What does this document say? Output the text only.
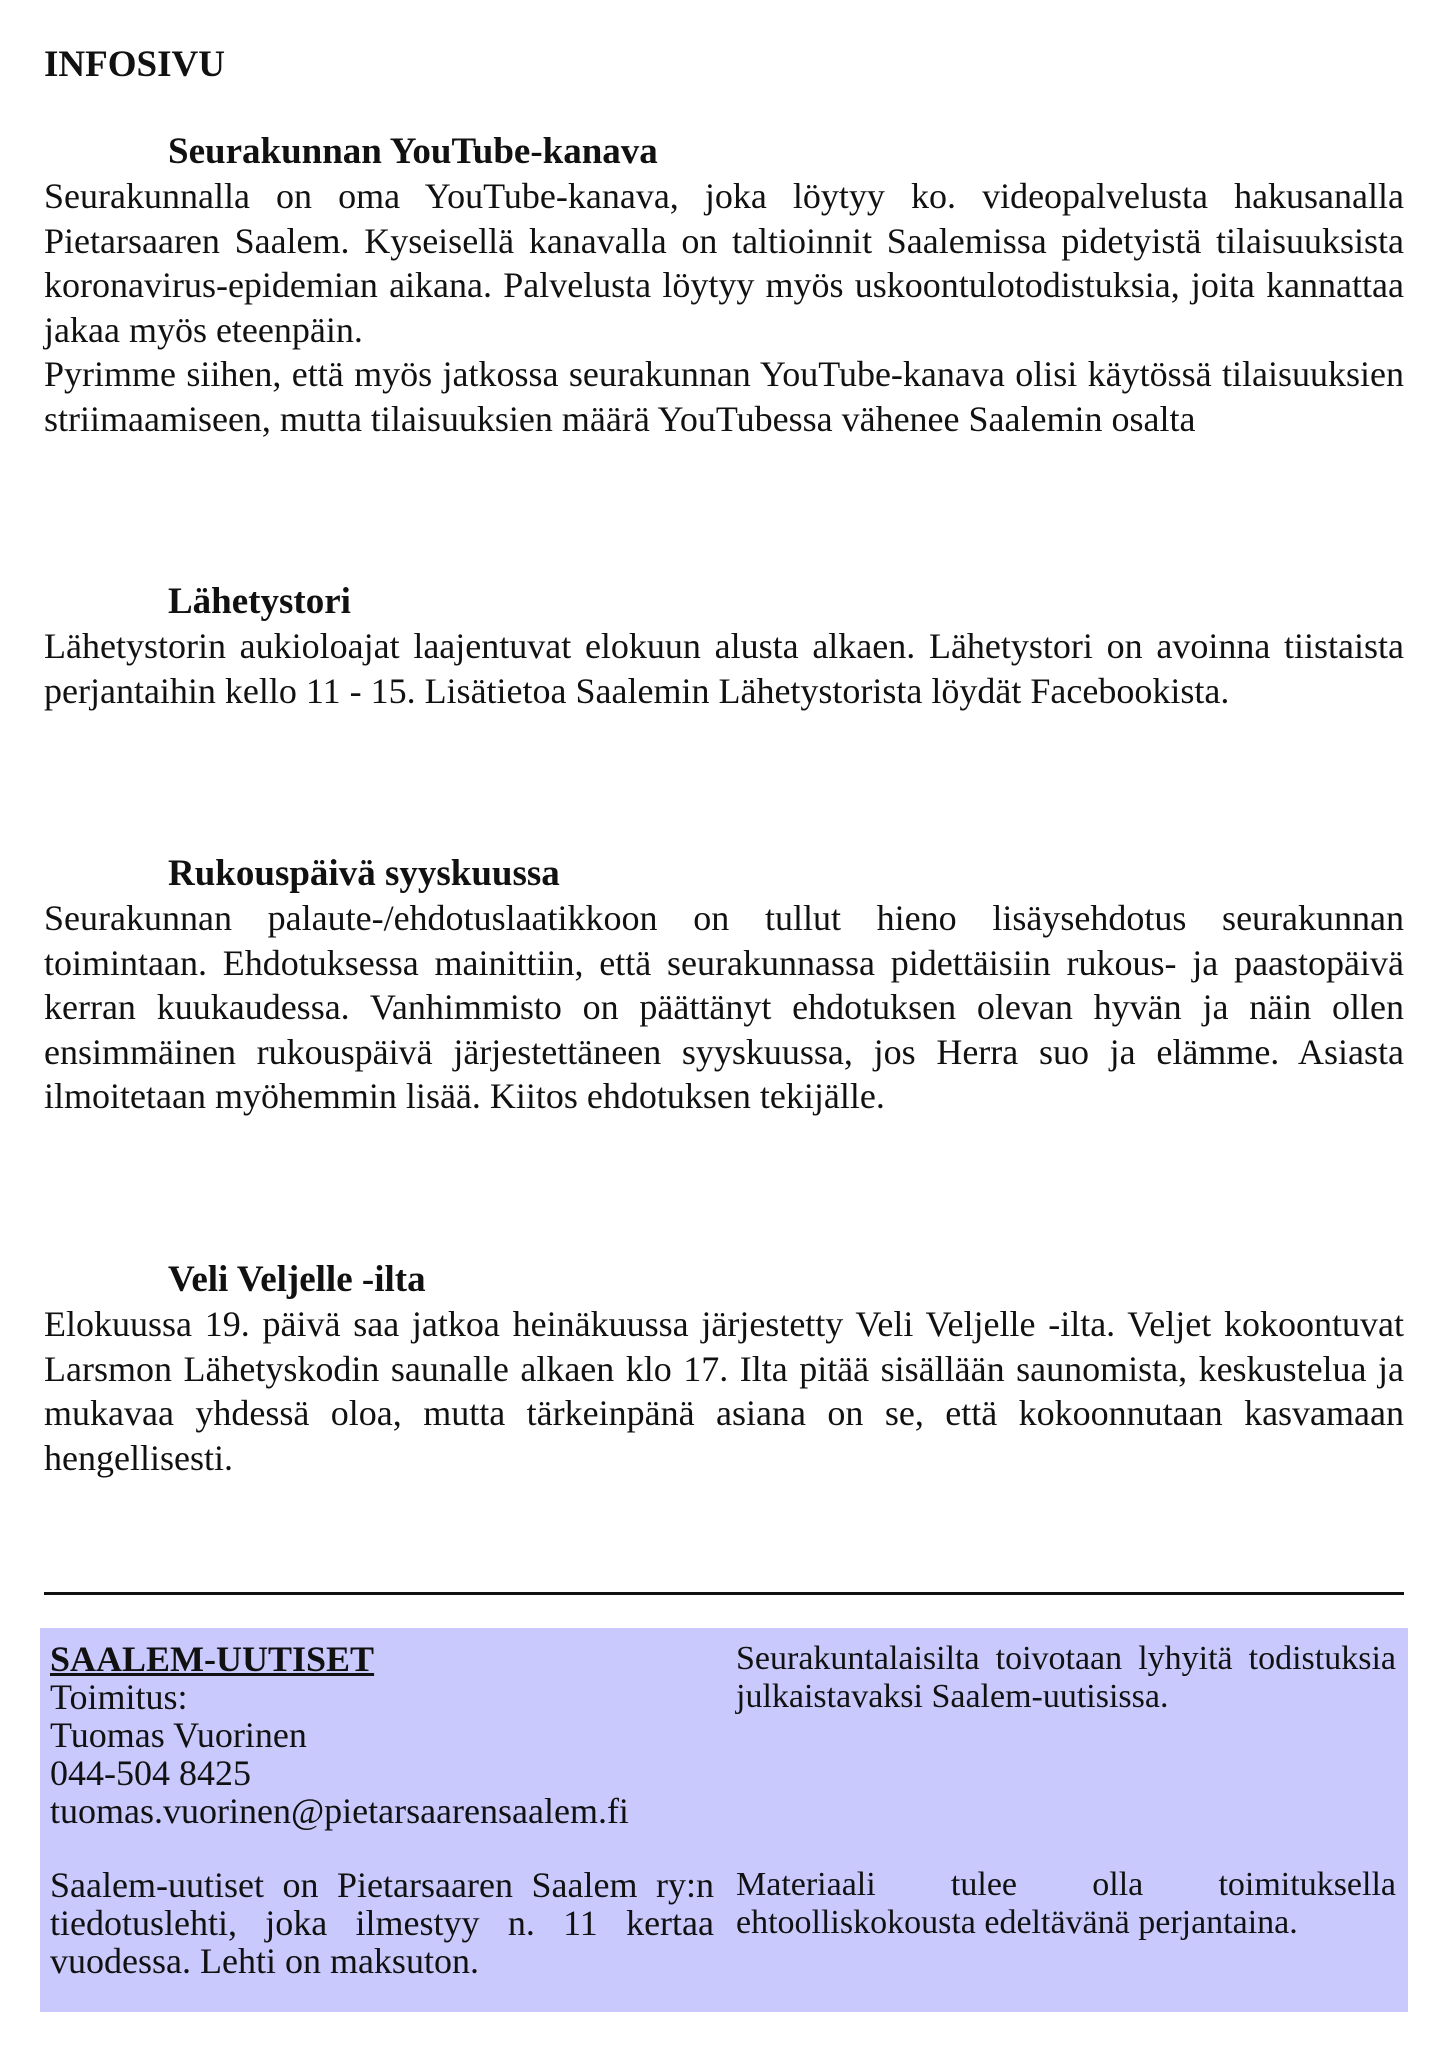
INFOSIVU
Seurakunnan YouTube-kanava

Seurakunnalla on oma YouTube-kanava, joka löytyy ko. videopalvelusta hakusanalla Pietarsaaren Saalem. Kyseisellä kanavalla on taltioinnit Saalemissa pidetyistä tilaisuuksista koronavirus-epidemian aikana. Palvelusta löytyy myös uskoontulotodistuksia, joita kannattaa jakaa myös eteenpäin.

Pyrimme siihen, että myös jatkossa seurakunnan YouTube-kanava olisi käytössä tilaisuuksien striimaamiseen, mutta tilaisuuksien määrä YouTubessa vähenee Saalemin osalta

Lähetystori

Lähetystorin aukioloajat laajentuvat elokuun alusta alkaen. Lähetystori on avoinna tiistaista perjantaihin kello 11 - 15. Lisätietoa Saalemin Lähetystorista löydät Facebookista.

Rukouspäivä syyskuussa

Seurakunnan palaute-/ehdotuslaatikkoon on tullut hieno lisäysehdotus seurakunnan toimintaan. Ehdotuksessa mainittiin, että seurakunnassa pidettäisiin rukous- ja paastopäivä kerran kuukaudessa. Vanhimmisto on päättänyt ehdotuksen olevan hyvän ja näin ollen ensimmäinen rukouspäivä järjestettäneen syyskuussa, jos Herra suo ja elämme. Asiasta ilmoitetaan myöhemmin lisää. Kiitos ehdotuksen tekijälle.

Veli Veljelle -ilta

Elokuussa 19. päivä saa jatkoa heinäkuussa järjestetty Veli Veljelle -ilta. Veljet kokoontuvat Larsmon Lähetyskodin saunalle alkaen klo 17. Ilta pitää sisällään saunomista, keskustelua ja mukavaa yhdessä oloa, mutta tärkeinpänä asiana on se, että kokoonnutaan kasvamaan hengellisesti.

SAALEM-UUTISET

Toimitus:

Tuomas Vuorinen

044-504 8425

tuomas.vuorinen@pietarsaarensaalem.fi

Saalem-uutiset on Pietarsaaren Saalem ry:n tiedotuslehti, joka ilmestyy n. 11 kertaa vuodessa. Lehti on maksuton.

Seurakuntalaisilta toivotaan lyhyitä todistuksia julkaistavaksi Saalem-uutisissa.

Materiaali tulee olla toimituksella ehtoolliskokousta edeltävänä perjantaina.
